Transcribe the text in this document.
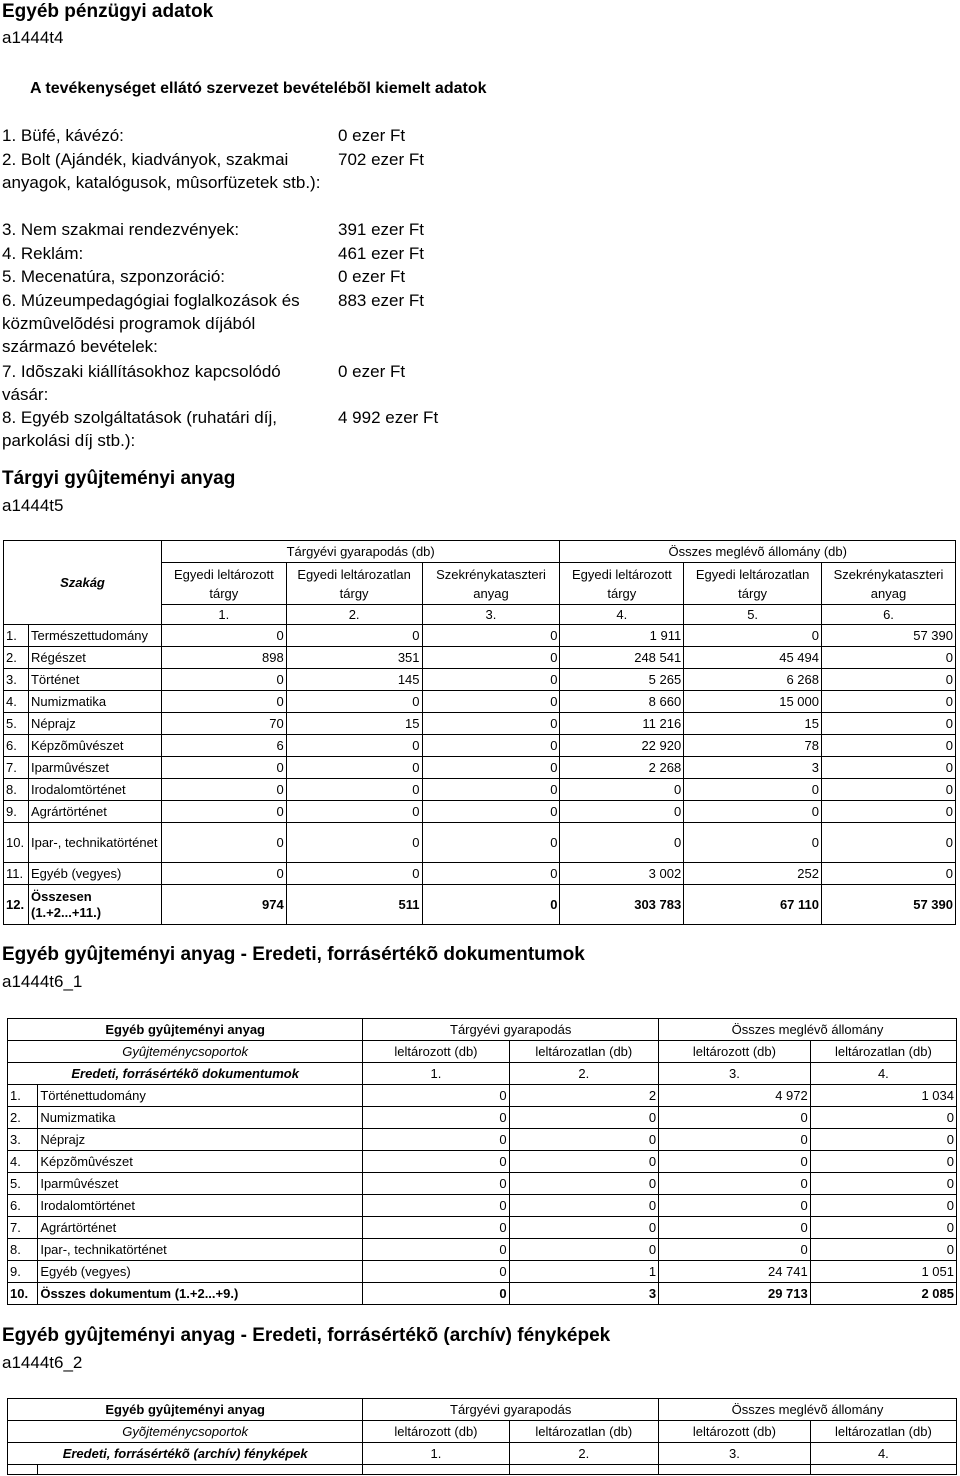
Egyéb pénzügyi adatok
a1444t4
A tevékenységet ellátó szervezet bevételébõl kiemelt adatok
1. Büfé, kávézó:	0 ezer Ft
2. Bolt (Ajándék, kiadványok, szakmai anyagok, katalógusok, mûsorfüzetek stb.):
702 ezer Ft
3. Nem szakmai rendezvények:	391 ezer Ft
4. Reklám:	461 ezer Ft
5. Mecenatúra, szponzoráció:	0 ezer Ft
6. Múzeumpedagógiai foglalkozások és közmûvelõdési programok díjából származó bevételek:
883 ezer Ft
7. Idõszaki kiállításokhoz kapcsolódó vásár:
0 ezer Ft
8. Egyéb szolgáltatások (ruhatári díj, parkolási díj stb.):
4 992 ezer Ft
Tárgyi gyûjteményi anyag
a1444t5
Szakág		Tárgyévi gyarapodás (db)			Összes meglévõ állomány (db)		
		Egyedi leltározott tárgy	Egyedi leltározatlan tárgy	Szekrénykataszteri anyag	Egyedi leltározott tárgy	Egyedi leltározatlan tárgy	Szekrénykataszteri anyag
		1.	2.	3.	4.	5.	6.
1.	Természettudomány	0	0	0	1 911	0	57 390
2.	Régészet	898	351	0	248 541	45 494	0
3.	Történet	0	145	0	5 265	6 268	0
4.	Numizmatika	0	0	0	8 660	15 000	0
5.	Néprajz	70	15	0	11 216	15	0
6.	Képzõmûvészet	6	0	0	22 920	78	0
7.	Iparmûvészet	0	0	0	2 268	3	0
8.	Irodalomtörténet	0	0	0	0	0	0
9.	Agrártörténet	0	0	0	0	0	0
10.	Ipar-, technikatörténet	0	0	0	0	0	0
11.	Egyéb (vegyes)	0	0	0	3 002	252	0
12.	Összesen (1.+2...+11.)	974	511	0	303 783	67 110	57 390
Egyéb gyûjteményi anyag - Eredeti, forrásértékõ dokumentumok
a1444t6_1
Egyéb gyûjteményi anyag		Tárgyévi gyarapodás		Összes meglévõ állomány	
Gyûjteménycsoportok		leltározott (db)	leltározatlan (db)	leltározott (db)	leltározatlan (db)
Eredeti, forrásértékõ dokumentumok		1.	2.	3.	4.
1.	Történettudomány	0	2	4 972	1 034
2.	Numizmatika	0	0	0	0
3.	Néprajz	0	0	0	0
4.	Képzõmûvészet	0	0	0	0
5.	Iparmûvészet	0	0	0	0
6.	Irodalomtörténet	0	0	0	0
7.	Agrártörténet	0	0	0	0
8.	Ipar-, technikatörténet	0	0	0	0
9.	Egyéb (vegyes)	0	1	24 741	1 051
10.	Összes dokumentum (1.+2...+9.)	0	3	29 713	2 085
Egyéb gyûjteményi anyag - Eredeti, forrásértékõ (archív) fényképek
a1444t6_2
Egyéb gyûjteményi anyag		Tárgyévi gyarapodás		Összes meglévõ állomány	
Gyõjteménycsoportok		leltározott (db)	leltározatlan (db)	leltározott (db)	leltározatlan (db)
Eredeti, forrásértékõ (archív) fényképek		1.	2.	3.	4.
